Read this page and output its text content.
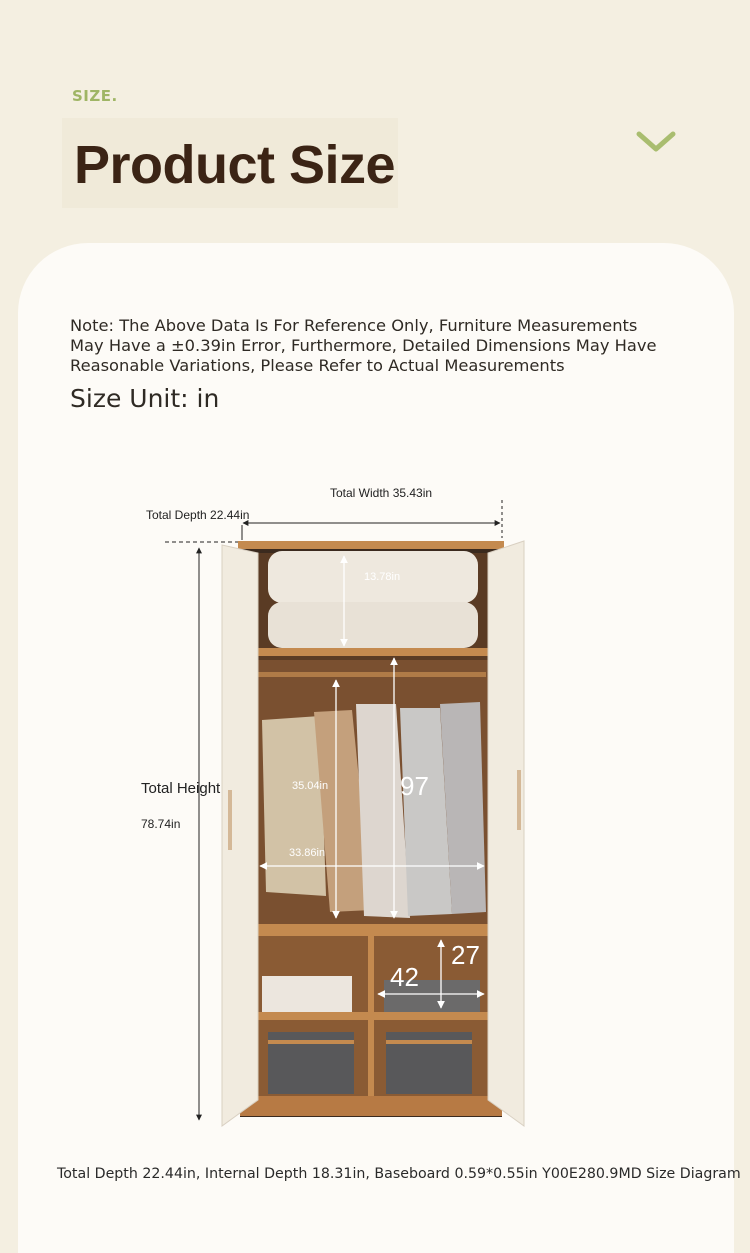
SIZE.
Product Size
Note: The Above Data Is For Reference Only, Furniture Measurements May Have a ±0.39in Error, Furthermore, Detailed Dimensions May Have Reasonable Variations, Please Refer to Actual Measurements
Size Unit: in
Total Width 35.43in
Total Depth 22.44in
Total Height
78.74in
13.78in
35.04in	97
33.86in
42
27
Total Depth 22.44in, Internal Depth 18.31in, Baseboard 0.59*0.55in Y00E280.9MD Size Diagram
